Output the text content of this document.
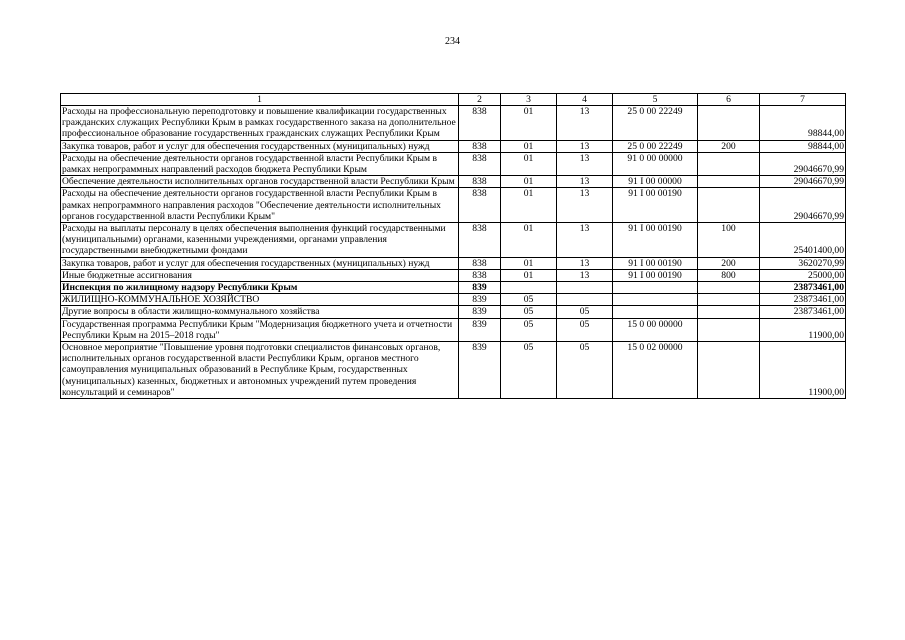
234
1	2	3	4	5	6	7
Расходы на профессиональную переподготовку и повышение квалификации государственных гражданских служащих Республики Крым в рамках государственного заказа на дополнительное профессиональное образование государственных гражданских служащих Республики Крым	838	01	13	25 0 00 22249		98844,00
Закупка товаров, работ и услуг для обеспечения государственных (муниципальных) нужд	838	01	13	25 0 00 22249	200	98844,00
Расходы на обеспечение деятельности органов государственной власти Республики Крым в рамках непрограммных направлений расходов бюджета Республики Крым	838	01	13	91 0 00 00000		29046670,99
Обеспечение деятельности исполнительных органов государственной власти Республики Крым	838	01	13	91 I 00 00000		29046670,99
Расходы на обеспечение деятельности органов государственной власти Республики Крым в рамках непрограммного направления расходов "Обеспечение деятельности исполнительных органов государственной власти Республики Крым"	838	01	13	91 I 00 00190		29046670,99
Расходы на выплаты персоналу в целях обеспечения выполнения функций государственными (муниципальными) органами, казенными учреждениями, органами управления государственными внебюджетными фондами	838	01	13	91 I 00 00190	100	25401400,00
Закупка товаров, работ и услуг для обеспечения государственных (муниципальных) нужд	838	01	13	91 I 00 00190	200	3620270,99
Иные бюджетные ассигнования	838	01	13	91 I 00 00190	800	25000,00
Инспекция по жилищному надзору Республики Крым	839					23873461,00
ЖИЛИЩНО-КОММУНАЛЬНОЕ ХОЗЯЙСТВО	839	05				23873461,00
Другие вопросы в области жилищно-коммунального хозяйства	839	05	05			23873461,00
Государственная программа Республики Крым "Модернизация бюджетного учета и отчетности Республики Крым на 2015–2018 годы"	839	05	05	15 0 00 00000		11900,00
Основное мероприятие "Повышение уровня подготовки специалистов финансовых органов, исполнительных органов государственной власти Республики Крым, органов местного самоуправления муниципальных образований в Республике Крым, государственных (муниципальных) казенных, бюджетных и автономных учреждений путем проведения консультаций и семинаров"	839	05	05	15 0 02 00000		11900,00
